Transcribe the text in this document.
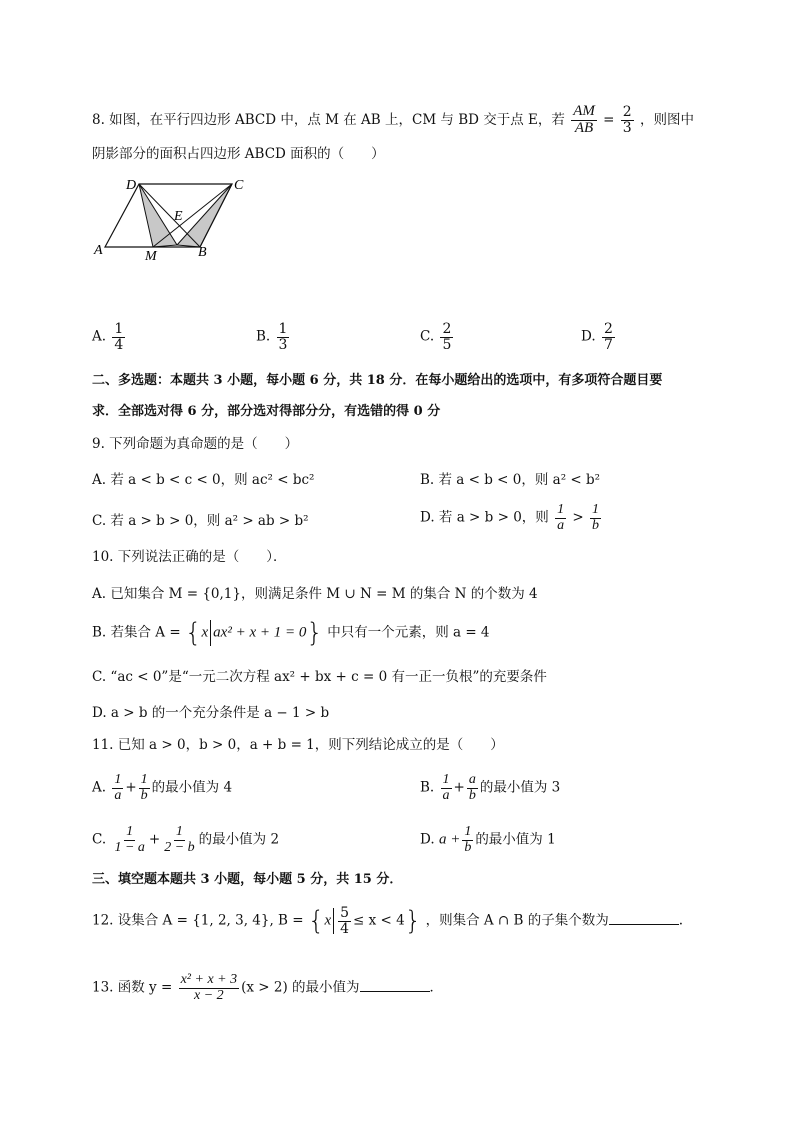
8. 如图，在平行四边形 ABCD 中，点 M 在 AB 上，CM 与 BD 交于点 E，若 $\frac{AM}{AB} = \frac{2}{3}$ ，则图中
阴影部分的面积占四边形 ABCD 面积的（　　）
A	B
C
D
E
M
A. $\frac{1}{4}$	B. $\frac{1}{3}$	C. $\frac{2}{5}$	D. $\frac{2}{7}$
二、多选题：本题共 3 小题，每小题 6 分，共 18 分．在每小题给出的选项中，有多项符合题目要
求．全部选对得 6 分，部分选对得部分分，有选错的得 0 分
9. 下列命题为真命题的是（　　）
A. 若 a < b < c < 0，则 ac² < bc²	B. 若 a < b < 0，则 a² < b²
C. 若 a > b > 0，则 a² > ab > b²	D. 若 a > b > 0，则 $\frac{1}{a} > \frac{1}{b}$
10. 下列说法正确的是（　　）．
A. 已知集合 M = {0,1}，则满足条件 M ∪ N = M 的集合 N 的个数为 4
B. 若集合 A = {x ax² + x + 1 = 0} 中只有一个元素，则 a = 4
C. “ac < 0”是“一元二次方程 ax² + bx + c = 0 有一正一负根”的充要条件
D. a > b 的一个充分条件是 a − 1 > b
11. 已知 a > 0，b > 0，a + b = 1，则下列结论成立的是（　　）
A. $\frac{1}{a} + \frac{1}{b}$ 的最小值为 4	B. $\frac{1}{a} + \frac{a}{b}$ 的最小值为 3
C. $\frac{1}{1 - a} + \frac{1}{2 - b}$ 的最小值为 2	D. $a + \frac{1}{b}$ 的最小值为 1
三、填空题本题共 3 小题，每小题 5 分，共 15 分．
12. 设集合 A = {1, 2, 3, 4}, $B = \{x \frac{5}{4} \le x < 4\}$ ，则集合 A ∩ B 的子集个数为	.
13. 函数 $y = \frac{\text{x² + x + 3}}{x - 2} (x > 2)$ 的最小值为	．
